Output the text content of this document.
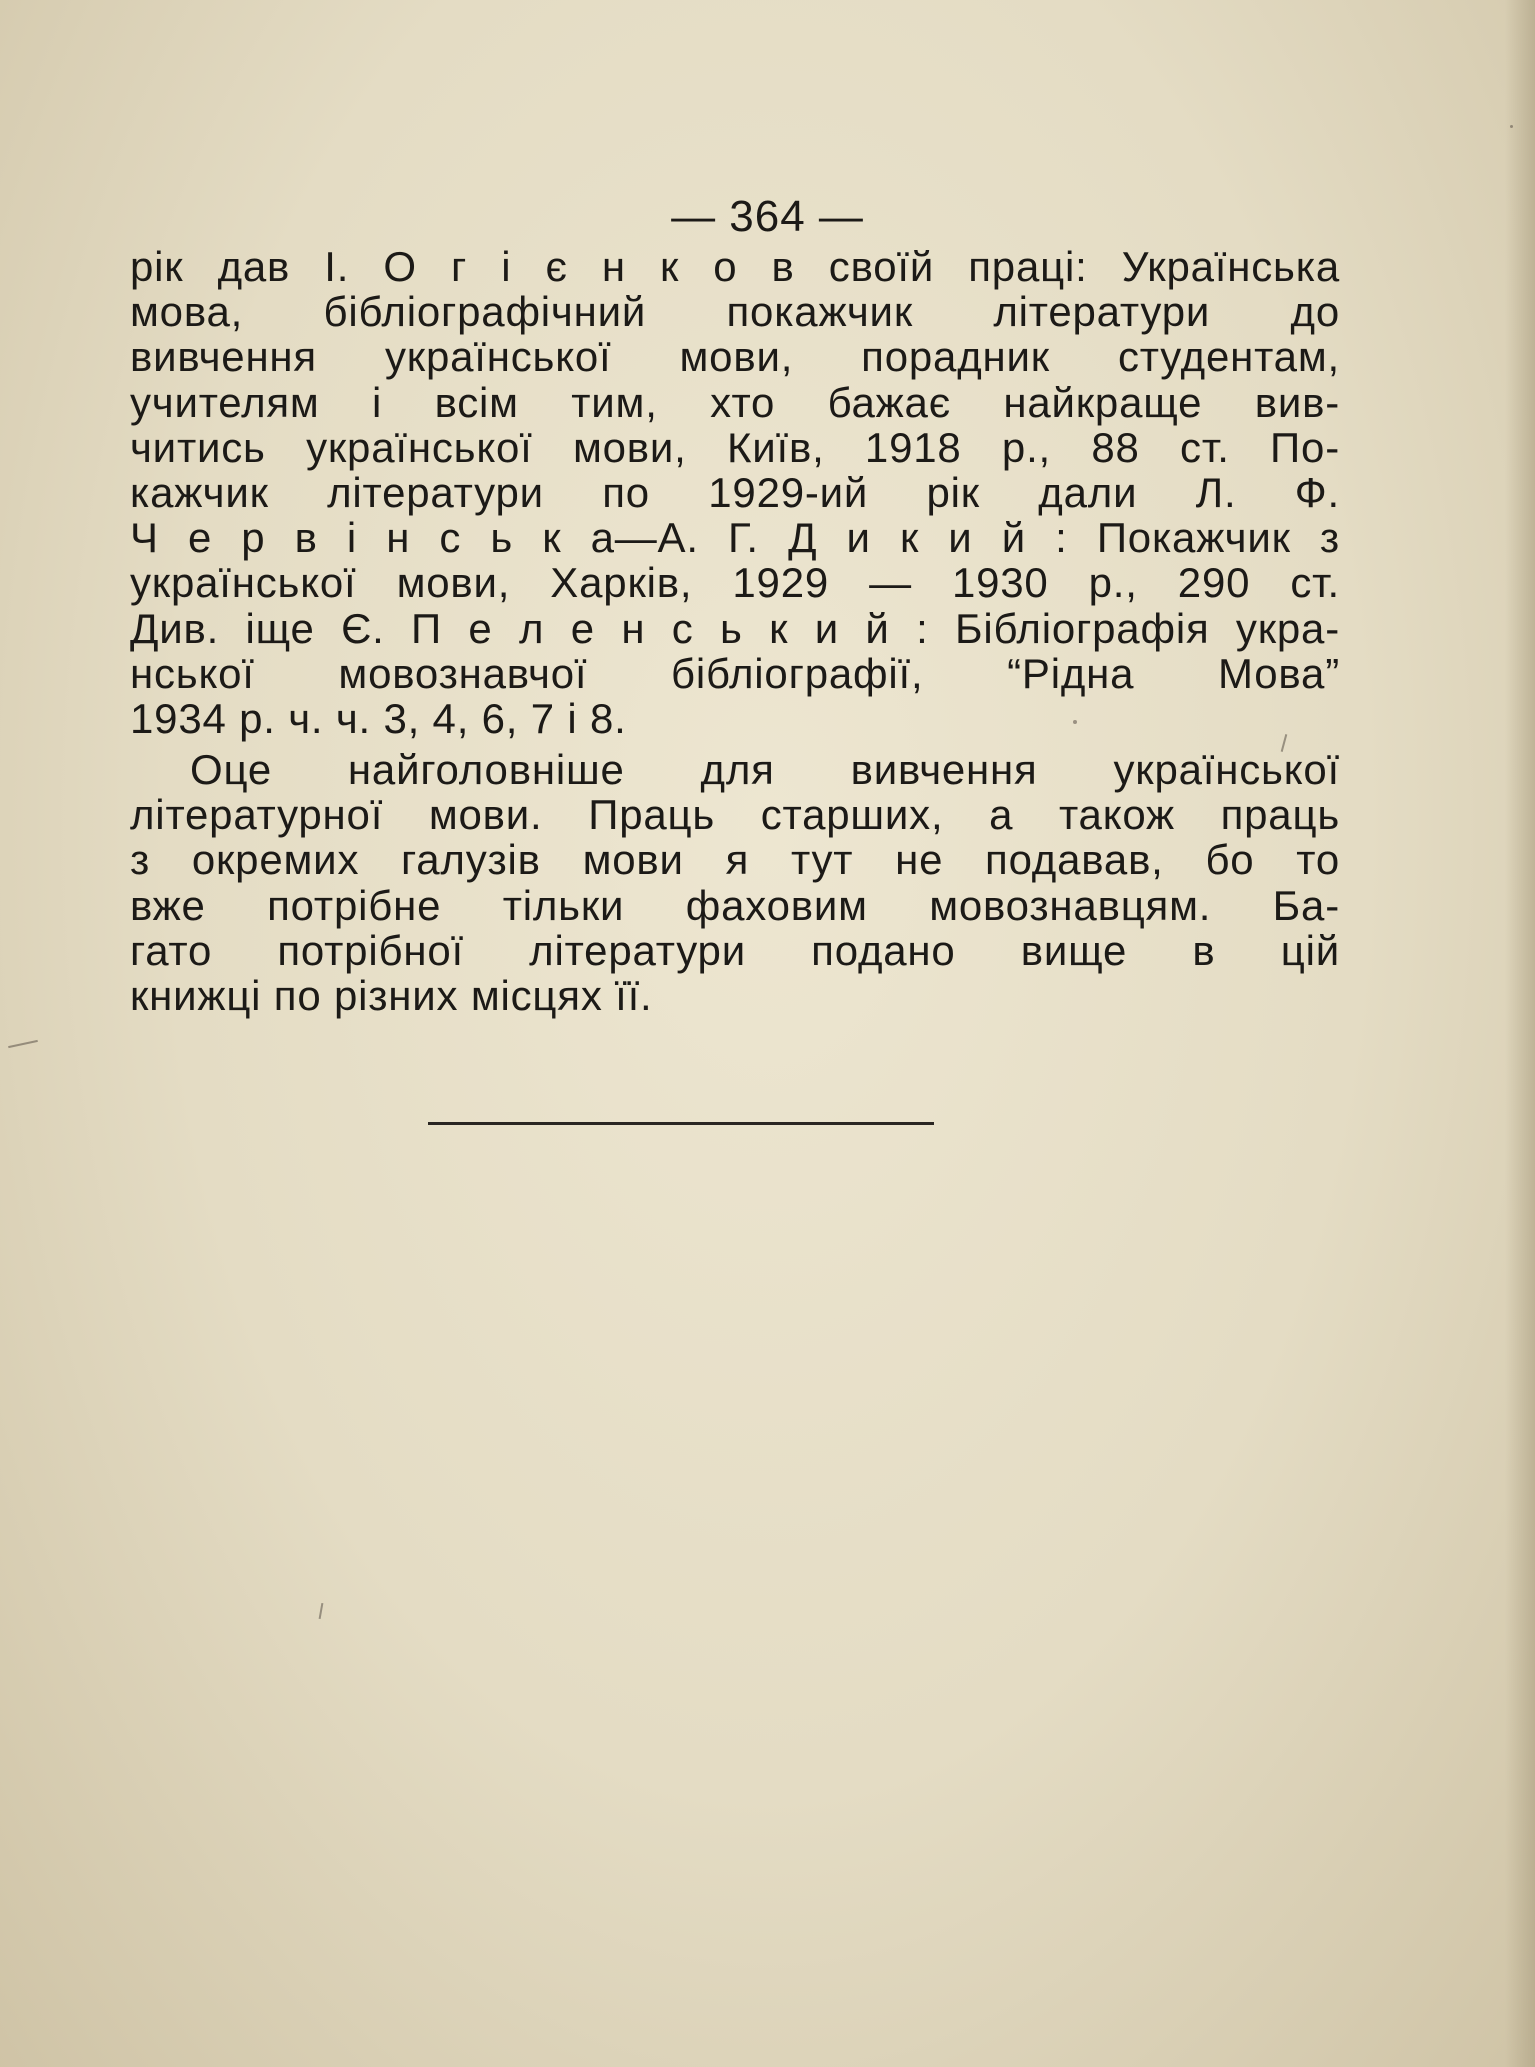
— 364 —
рік дав І. О г і є н к о в своїй праці: Українська
мова, бібліографічний покажчик літератури до
вивчення української мови, порадник студентам,
учителям і всім тим, хто бажає найкраще вив-
читись української мови, Київ, 1918 р., 88 ст. По-
кажчик літератури по 1929-ий рік дали Л. Ф.
Ч е р в і н с ь к а—А. Г. Д и к и й : Покажчик з
української мови, Харків, 1929 — 1930 р., 290 ст.
Див. іще Є. П е л е н с ь к и й : Бібліографія укра-
нської мовознавчої бібліографії, “Рідна Мова”
1934 р. ч. ч. 3, 4, 6, 7 і 8.
Оце найголовніше для вивчення української
літературної мови. Праць старших, а також праць
з окремих галузів мови я тут не подавав, бо то
вже потрібне тільки фаховим мовознавцям. Ба-
гато потрібної літератури подано вище в цій
книжці по різних місцях її.
